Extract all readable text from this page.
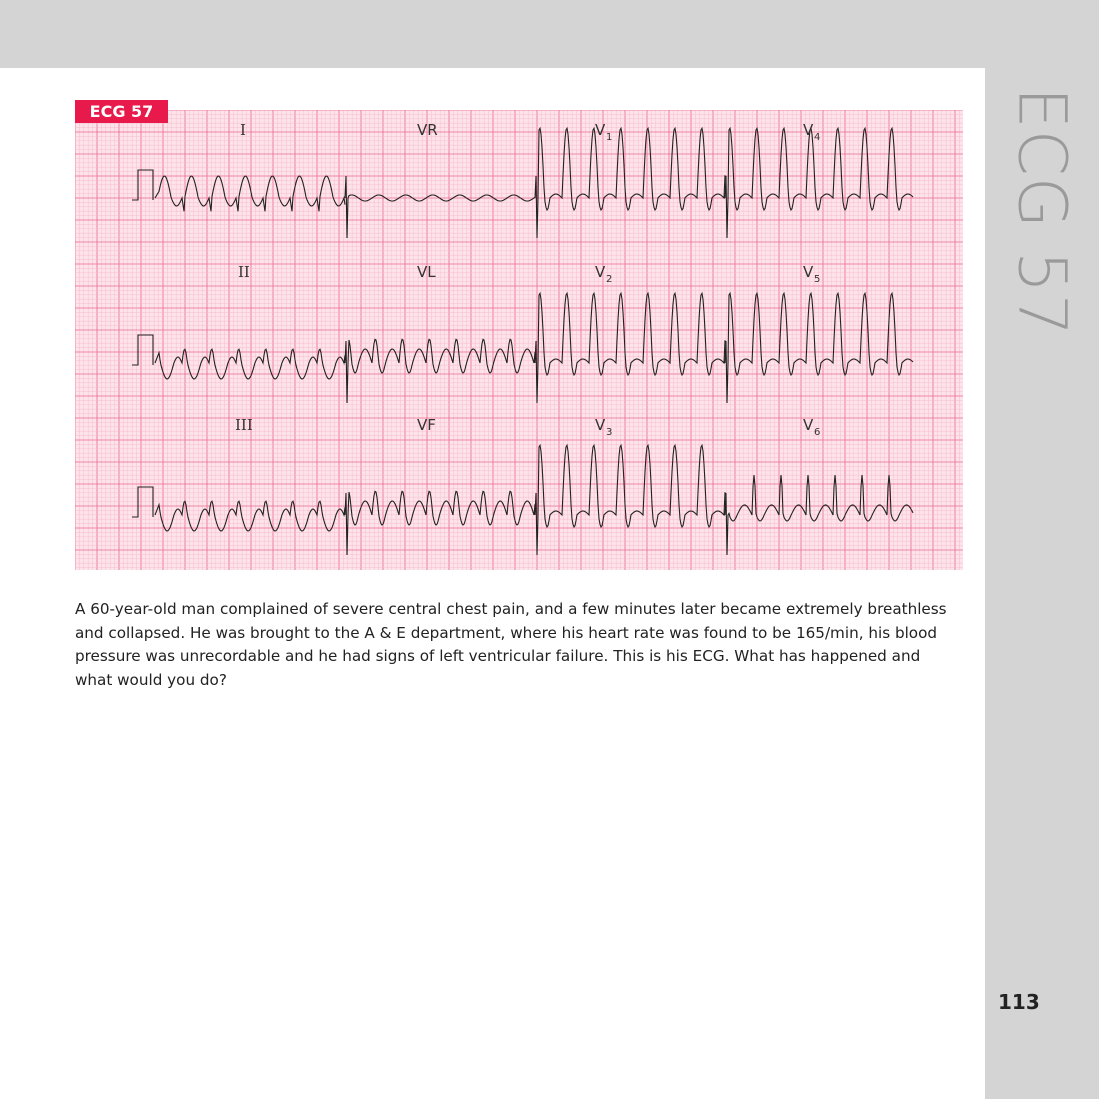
ECG 57
I	VR	V 1	V 4
II	VL	V 2	V 5
III	VF	V 3	V 6
ECG 57
A 60-year-old man complained of severe central chest pain, and a few minutes later became extremely breathless and collapsed. He was brought to the A & E department, where his heart rate was found to be 165/min, his blood pressure was unrecordable and he had signs of left ventricular failure. This is his ECG. What has happened and what would you do?
113
